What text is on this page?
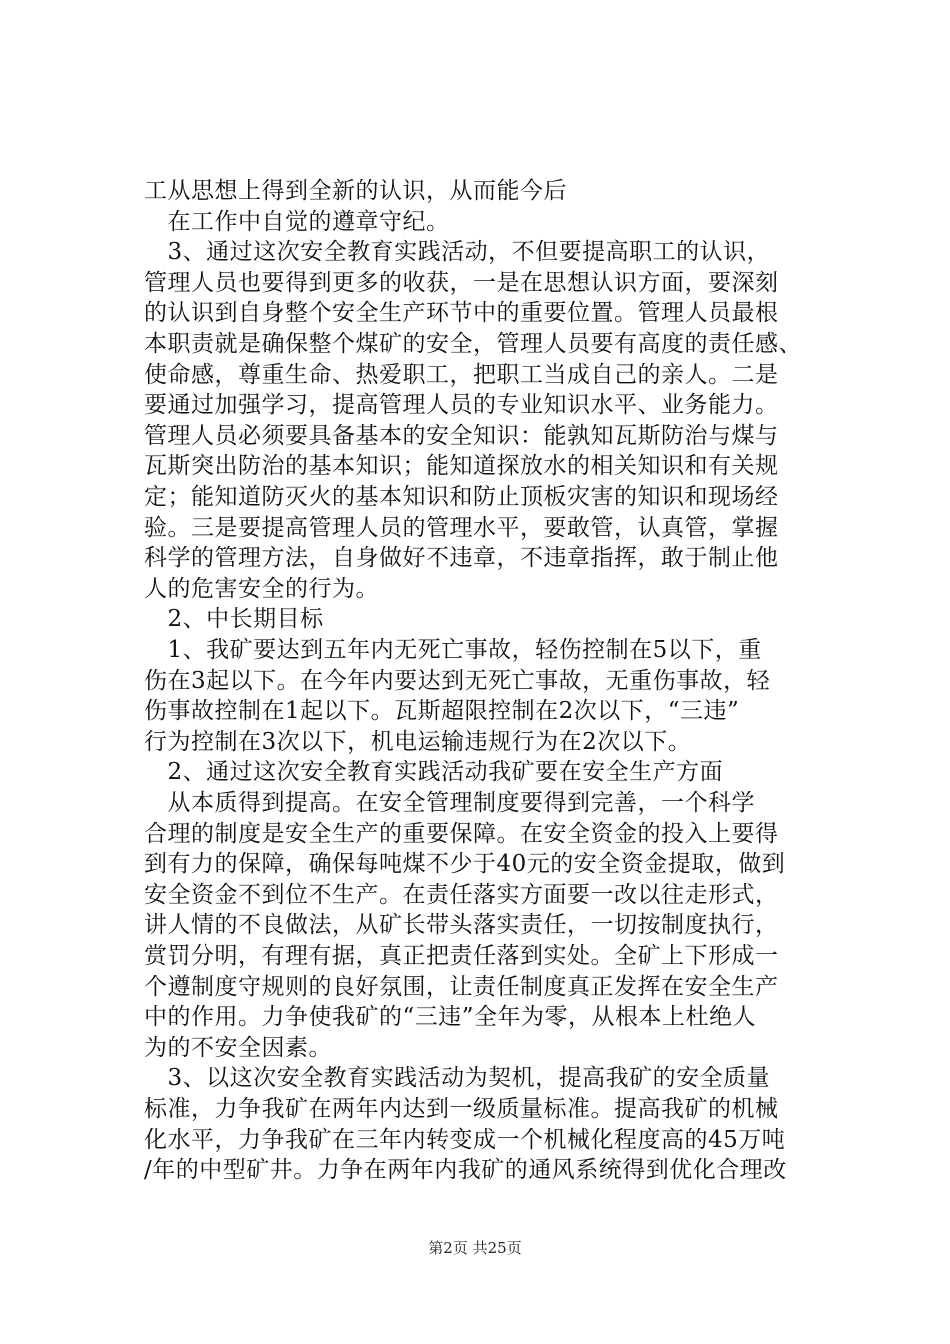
工从思想上得到全新的认识，从而能今后
　在工作中自觉的遵章守纪。
　3、通过这次安全教育实践活动，不但要提高职工的认识，
管理人员也要得到更多的收获，一是在思想认识方面，要深刻
的认识到自身整个安全生产环节中的重要位置。管理人员最根
本职责就是确保整个煤矿的安全，管理人员要有高度的责任感、
使命感，尊重生命、热爱职工，把职工当成自己的亲人。二是
要通过加强学习，提高管理人员的专业知识水平、业务能力。
管理人员必须要具备基本的安全知识：能孰知瓦斯防治与煤与
瓦斯突出防治的基本知识；能知道探放水的相关知识和有关规
定；能知道防灭火的基本知识和防止顶板灾害的知识和现场经
验。三是要提高管理人员的管理水平，要敢管，认真管，掌握
科学的管理方法，自身做好不违章，不违章指挥，敢于制止他
人的危害安全的行为。
　2、中长期目标
　1、我矿要达到五年内无死亡事故，轻伤控制在5以下，重
伤在3起以下。在今年内要达到无死亡事故，无重伤事故，轻
伤事故控制在1起以下。瓦斯超限控制在2次以下，“三违”
行为控制在3次以下，机电运输违规行为在2次以下。
　2、通过这次安全教育实践活动我矿要在安全生产方面
　从本质得到提高。在安全管理制度要得到完善，一个科学
合理的制度是安全生产的重要保障。在安全资金的投入上要得
到有力的保障，确保每吨煤不少于40元的安全资金提取，做到
安全资金不到位不生产。在责任落实方面要一改以往走形式，
讲人情的不良做法，从矿长带头落实责任，一切按制度执行，
赏罚分明，有理有据，真正把责任落到实处。全矿上下形成一
个遵制度守规则的良好氛围，让责任制度真正发挥在安全生产
中的作用。力争使我矿的“三违”全年为零，从根本上杜绝人
为的不安全因素。
　3、以这次安全教育实践活动为契机，提高我矿的安全质量
标准，力争我矿在两年内达到一级质量标准。提高我矿的机械
化水平，力争我矿在三年内转变成一个机械化程度高的45万吨
/年的中型矿井。力争在两年内我矿的通风系统得到优化合理改
第2页 共25页
